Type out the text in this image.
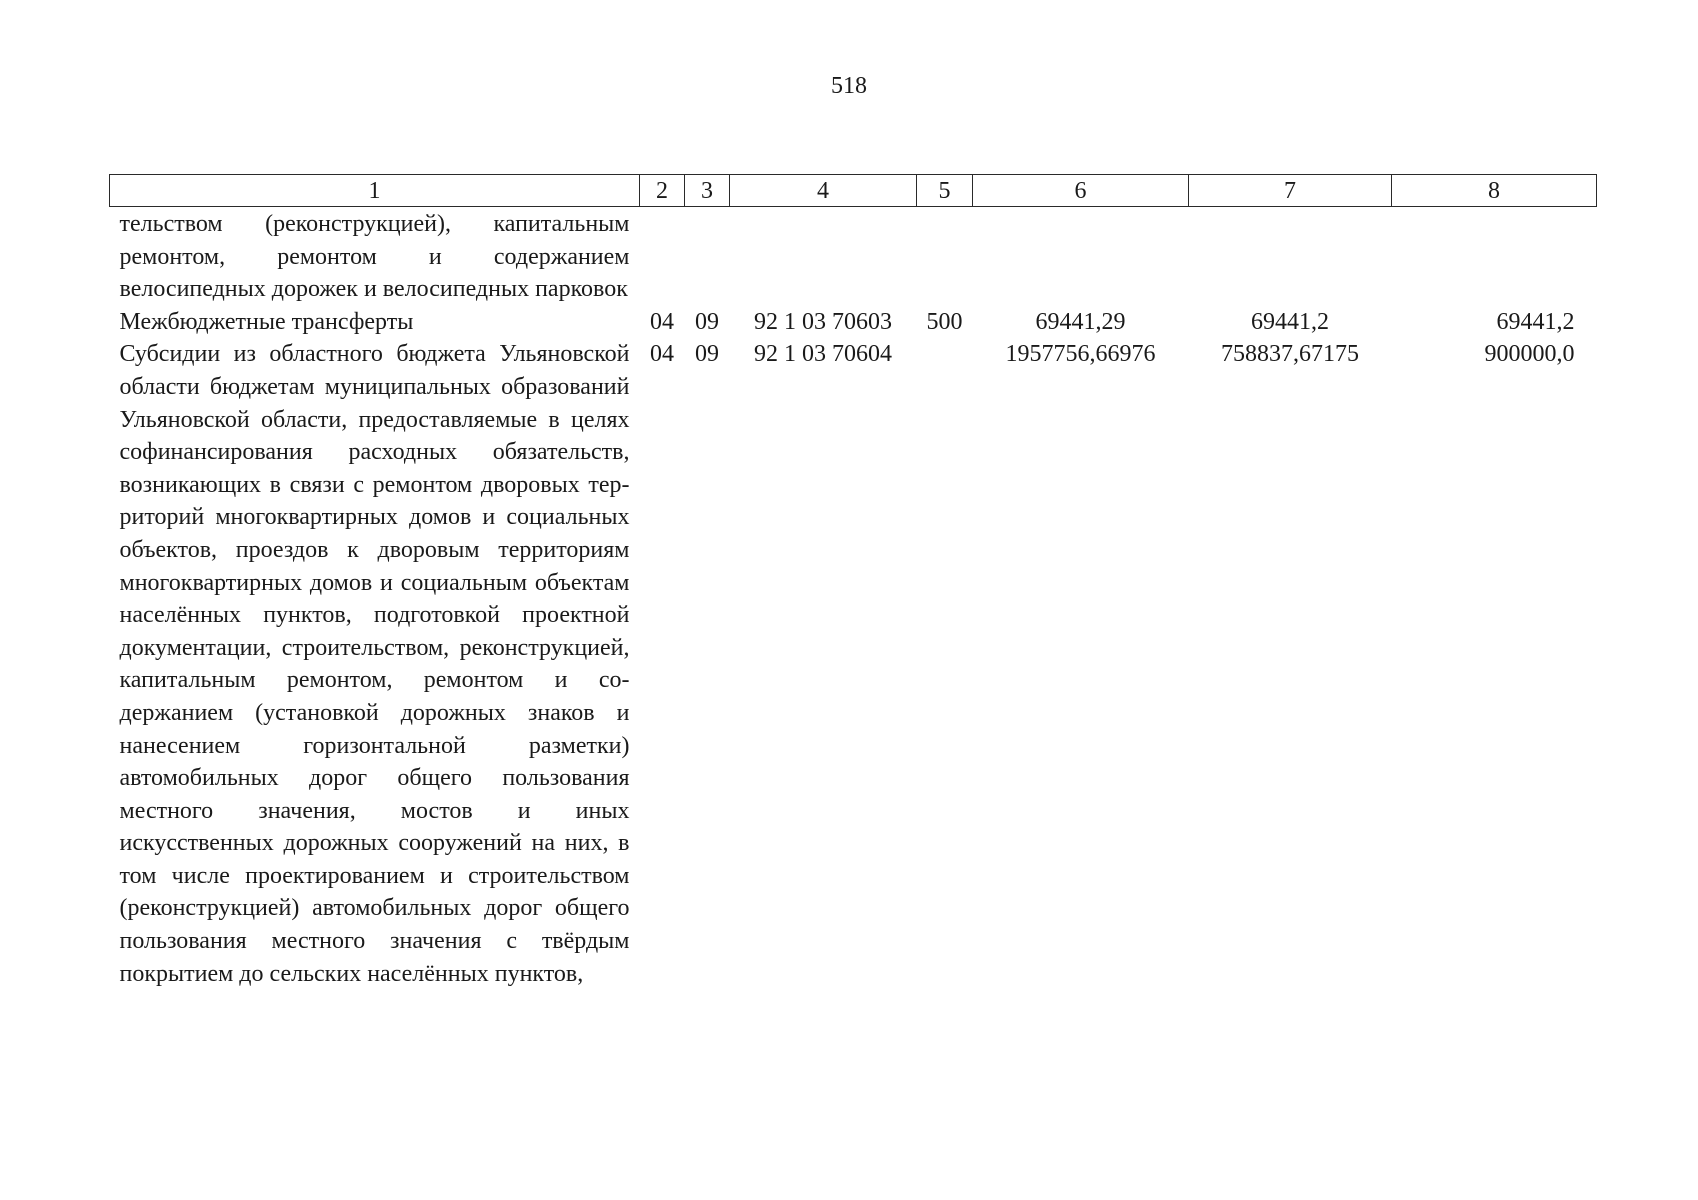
518
1	2	3	4	5	6	7	8
тельством (реконструкцией), капитальным ремонтом, ремонтом и содержанием велосипедных дорожек и велосипедных парковок							
Межбюджетные трансферты	04	09	92 1 03 70603	500	69441,29	69441,2	69441,2
Субсидии из областного бюджета Ульяновской области бюджетам муниципальных образований Ульяновской области, предоставляемые в целях софинансирования расходных обязательств, возникающих в связи с ремонтом дворовых территорий многоквартирных домов и социальных объектов, проездов к дворовым территориям многоквартирных домов и социальным объектам населённых пунктов, подготовкой проектной документации, строительством, реконструкцией, капитальным ремонтом, ремонтом и содержанием (установкой дорожных знаков и нанесением горизонтальной разметки) автомобильных дорог общего пользования местного значения, мостов и иных искусственных дорожных сооружений на них, в том числе проектированием и строительством (реконструкцией) автомобильных дорог общего пользования местного значения с твёрдым покрытием до сельских населённых пунктов,	04	09	92 1 03 70604		1957756,66976	758837,67175	900000,0
